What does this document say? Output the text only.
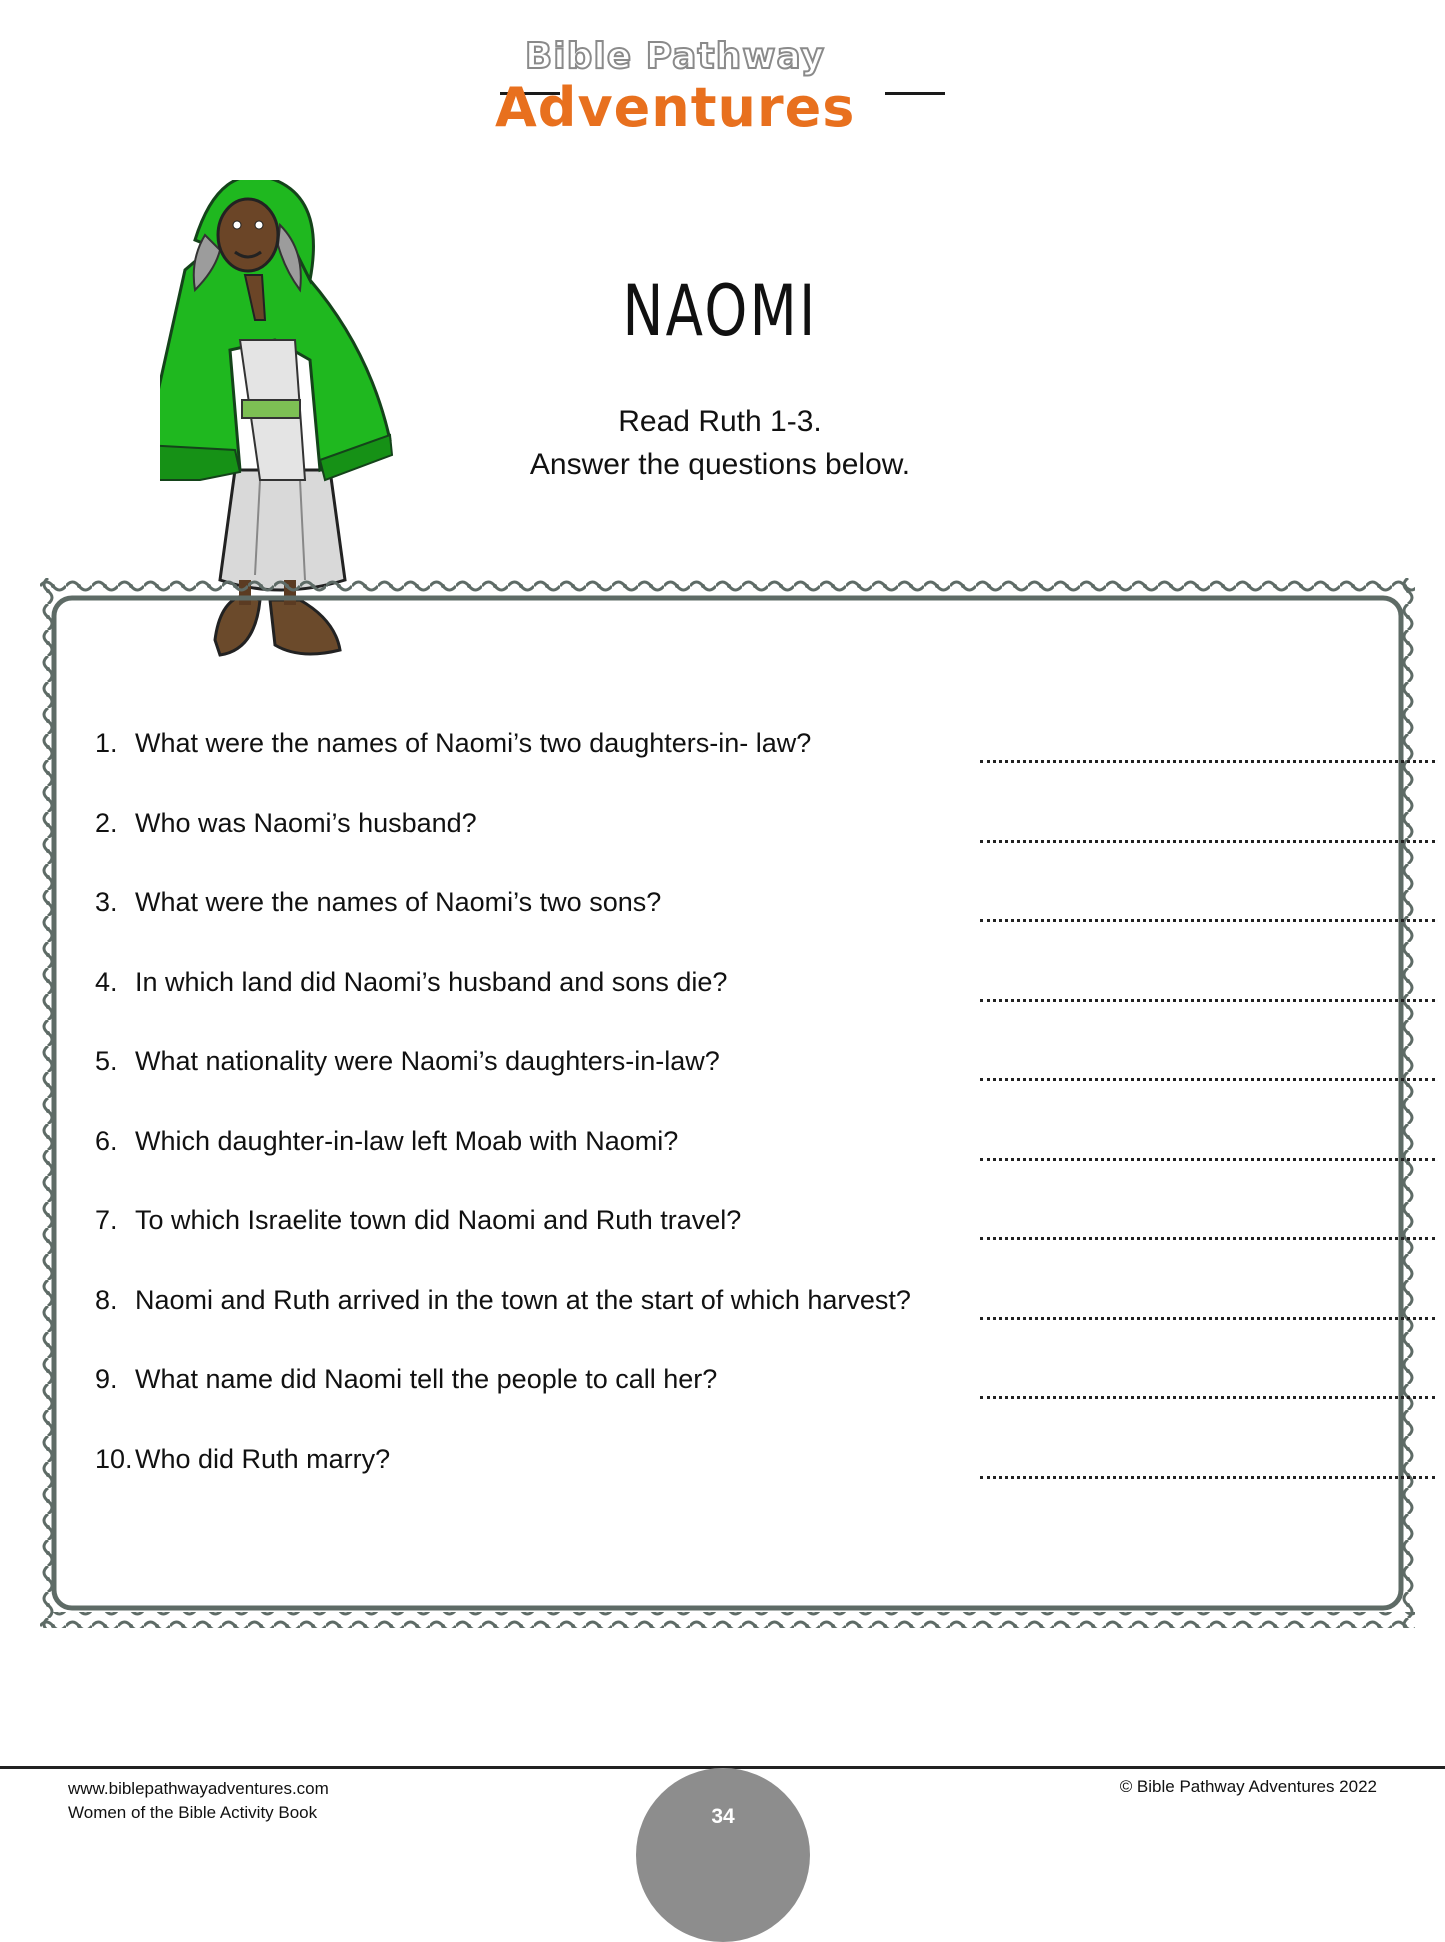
Bible Pathway
Adventures
NAOMI
Read Ruth 1-3.
Answer the questions below.
1. What were the names of Naomi’s two daughters-in- law?
2. Who was Naomi’s husband?
3. What were the names of Naomi’s two sons?
4. In which land did Naomi’s husband and sons die?
5. What nationality were Naomi’s daughters-in-law?
6. Which daughter-in-law left Moab with Naomi?
7. To which Israelite town did Naomi and Ruth travel?
8. Naomi and Ruth arrived in the town at the start of which harvest?
9. What name did Naomi tell the people to call her?
10. Who did Ruth marry?
www.biblepathwayadventures.com
Women of the Bible Activity Book
© Bible Pathway Adventures 2022
34
